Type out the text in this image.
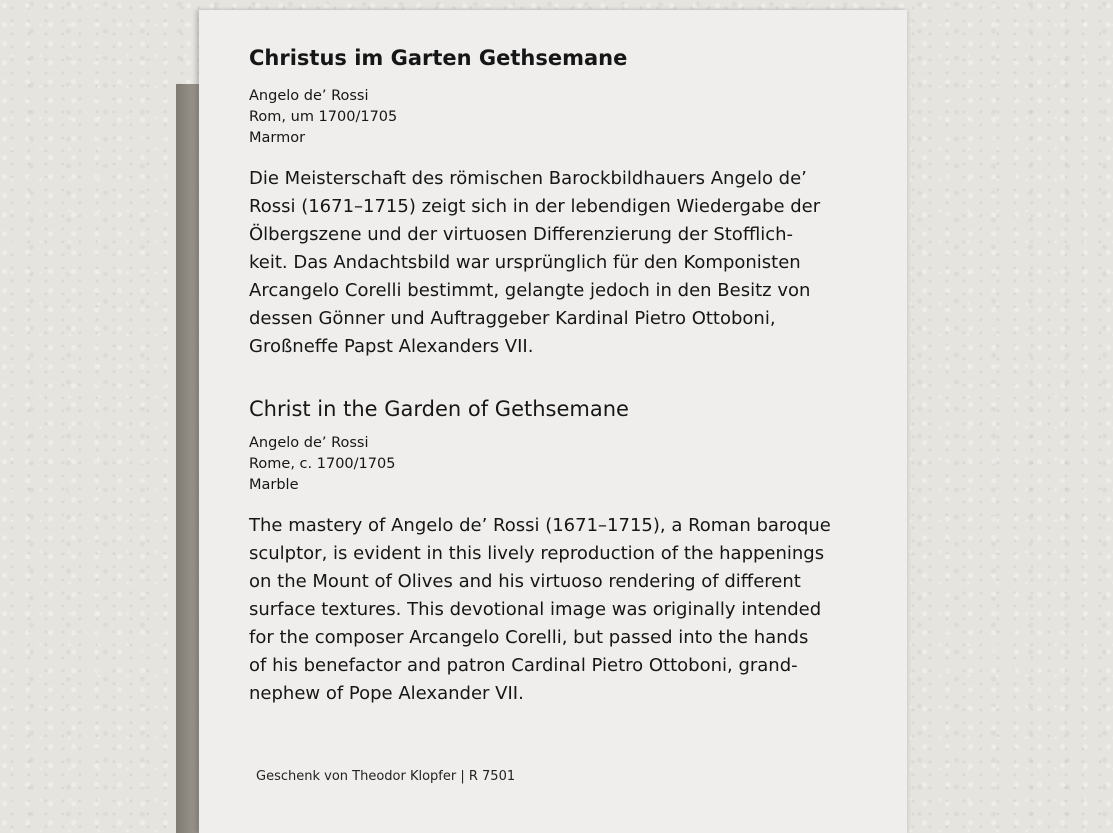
Christus im Garten Gethsemane
Angelo de’ Rossi
Rom, um 1700/1705
Marmor
Die Meisterschaft des römischen Barockbildhauers Angelo de’
Rossi (1671–1715) zeigt sich in der lebendigen Wiedergabe der
Ölbergszene und der virtuosen Differenzierung der Stofflich-
keit. Das Andachtsbild war ursprünglich für den Komponisten
Arcangelo Corelli bestimmt, gelangte jedoch in den Besitz von
dessen Gönner und Auftraggeber Kardinal Pietro Ottoboni,
Großneffe Papst Alexanders VII.
Christ in the Garden of Gethsemane
Angelo de’ Rossi
Rome, c. 1700/1705
Marble
The mastery of Angelo de’ Rossi (1671–1715), a Roman baroque
sculptor, is evident in this lively reproduction of the happenings
on the Mount of Olives and his virtuoso rendering of different
surface textures. This devotional image was originally intended
for the composer Arcangelo Corelli, but passed into the hands
of his benefactor and patron Cardinal Pietro Ottoboni, grand-
nephew of Pope Alexander VII.
Geschenk von Theodor Klopfer | R 7501
